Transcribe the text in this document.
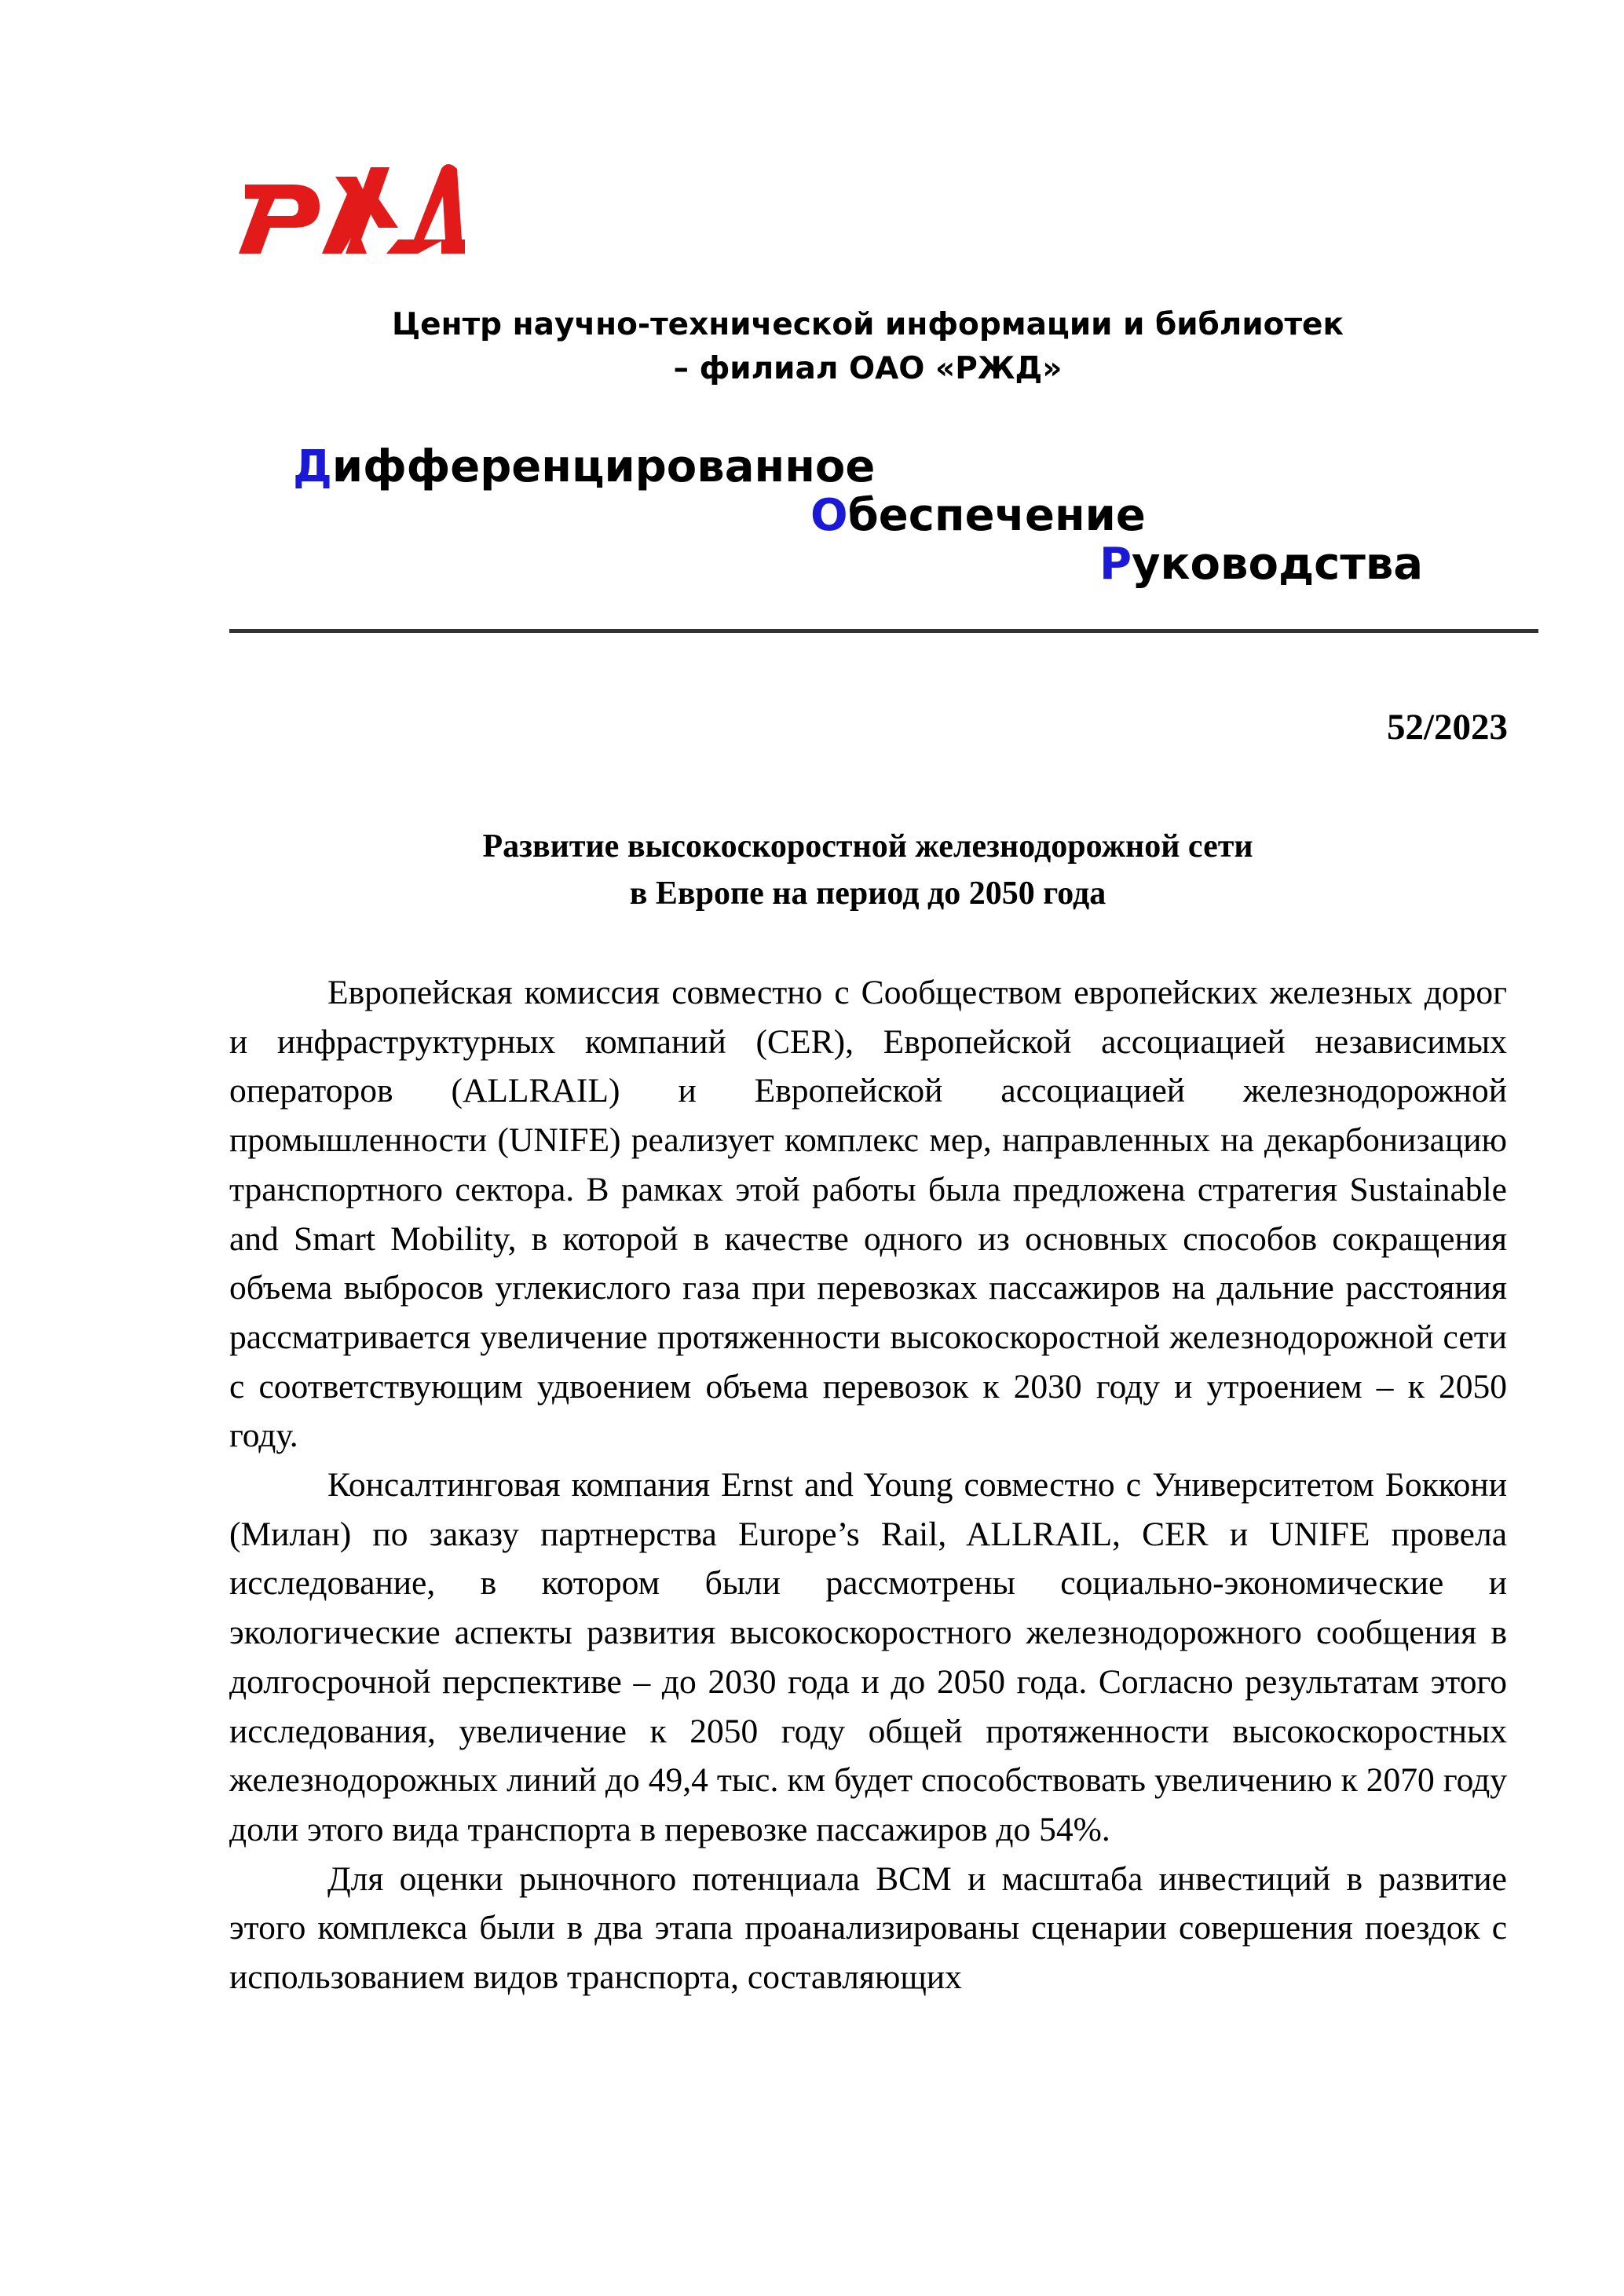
Центр научно-технической информации и библиотек

– филиал ОАО «РЖД»

Дифференцированное

Обеспечение

Руководства

52/2023

Развитие высокоскоростной железнодорожной сети

в Европе на период до 2050 года

Европейская комиссия совместно с Сообществом европейских железных дорог и инфраструктурных компаний (CER), Европейской ассоциацией независимых операторов (ALLRAIL) и Европейской ассоциацией железнодорожной промышленности (UNIFE) реализует комплекс мер, направленных на декарбонизацию транспортного сектора. В рамках этой работы была предложена стратегия Sustainable and Smart Mobility, в которой в качестве одного из основных способов сокращения объема выбросов углекислого газа при перевозках пассажиров на дальние расстояния рассматривается увеличение протяженности высокоскоростной железнодорожной сети с соответствующим удвоением объема перевозок к 2030 году и утроением – к 2050 году.

Консалтинговая компания Ernst and Young совместно с Университетом Боккони (Милан) по заказу партнерства Europe’s Rail, ALLRAIL, CER и UNIFE провела исследование, в котором были рассмотрены социально-экономические и экологические аспекты развития высокоскоростного железнодорожного сообщения в долгосрочной перспективе – до 2030 года и до 2050 года. Согласно результатам этого исследования, увеличение к 2050 году общей протяженности высокоскоростных железнодорожных линий до 49,4 тыс. км будет способствовать увеличению к 2070 году доли этого вида транспорта в перевозке пассажиров до 54%.

Для оценки рыночного потенциала ВСМ и масштаба инвестиций в развитие этого комплекса были в два этапа проанализированы сценарии совершения поездок с использованием видов транспорта, составляющих
